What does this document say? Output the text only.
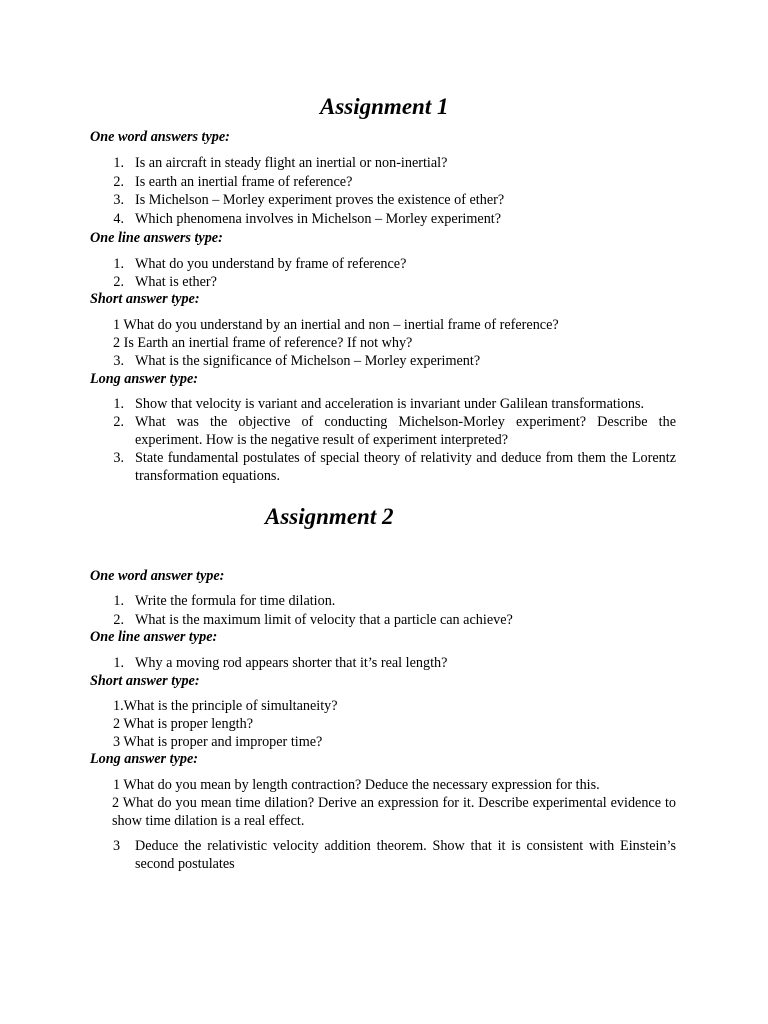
Assignment 1
One word answers type:
1. Is an aircraft in steady flight an inertial or non-inertial?
2. Is earth an inertial frame of reference?
3. Is Michelson – Morley experiment proves the existence of ether?
4. Which phenomena involves in Michelson – Morley experiment?
One line answers type:
1. What do you understand by frame of reference?
2. What is ether?
Short answer type:
1 What do you understand by an inertial and non – inertial frame of reference?
2 Is Earth an inertial frame of reference? If not why?
3. What is the significance of Michelson – Morley experiment?
Long answer type:
1. Show that velocity is variant and acceleration is invariant under Galilean transformations.
2. What was the objective of conducting Michelson-Morley experiment? Describe the experiment. How is the negative result of experiment interpreted?
3. State fundamental postulates of special theory of relativity and deduce from them the Lorentz transformation equations.
Assignment 2
One word answer type:
1. Write the formula for time dilation.
2. What is the maximum limit of velocity that a particle can achieve?
One line answer type:
1. Why a moving rod appears shorter that it’s real length?
Short answer type:
1.What is the principle of simultaneity?
2 What is proper length?
3 What is proper and improper time?
Long answer type:
1 What do you mean by length contraction? Deduce the necessary expression for this.
2 What do you mean time dilation? Derive an expression for it. Describe experimental evidence to show time dilation is a real effect.
3 Deduce the relativistic velocity addition theorem. Show that it is consistent with Einstein’s second postulates
